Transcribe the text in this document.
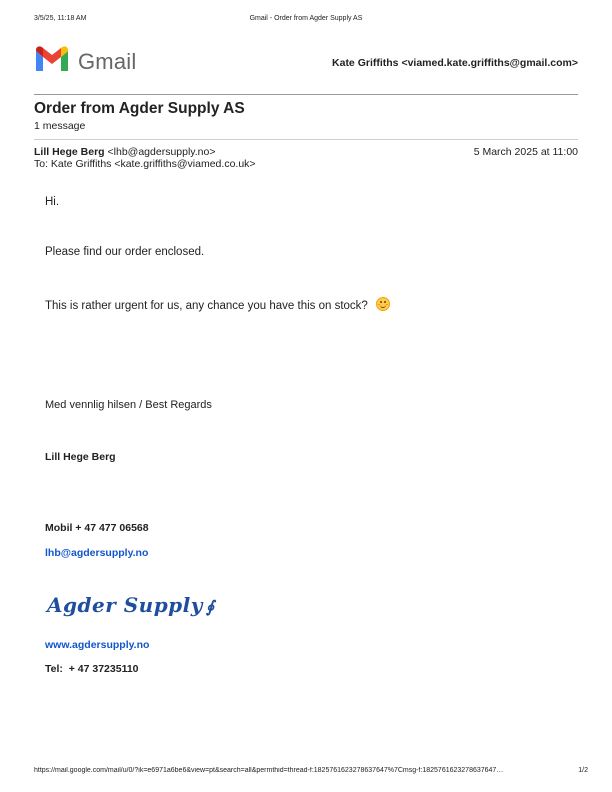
3/5/25, 11:18 AM	Gmail - Order from Agder Supply AS
Gmail	Kate Griffiths <viamed.kate.griffiths@gmail.com>
Order from Agder Supply AS
1 message
Lill Hege Berg <lhb@agdersupply.no>
To: Kate Griffiths <kate.griffiths@viamed.co.uk>
5 March 2025 at 11:00
Hi.
Please find our order enclosed.
This is rather urgent for us, any chance you have this on stock?
Med vennlig hilsen / Best Regards
Lill Hege Berg
Mobil + 47 477 06568
lhb@agdersupply.no
Agder Supply ∮
www.agdersupply.no
Tel:  + 47 37235110
https://mail.google.com/mail/u/0/?ik=e6971a6be6&view=pt&search=all&permthid=thread-f:1825761623278637647%7Cmsg-f:1825761623278637647…	1/2
